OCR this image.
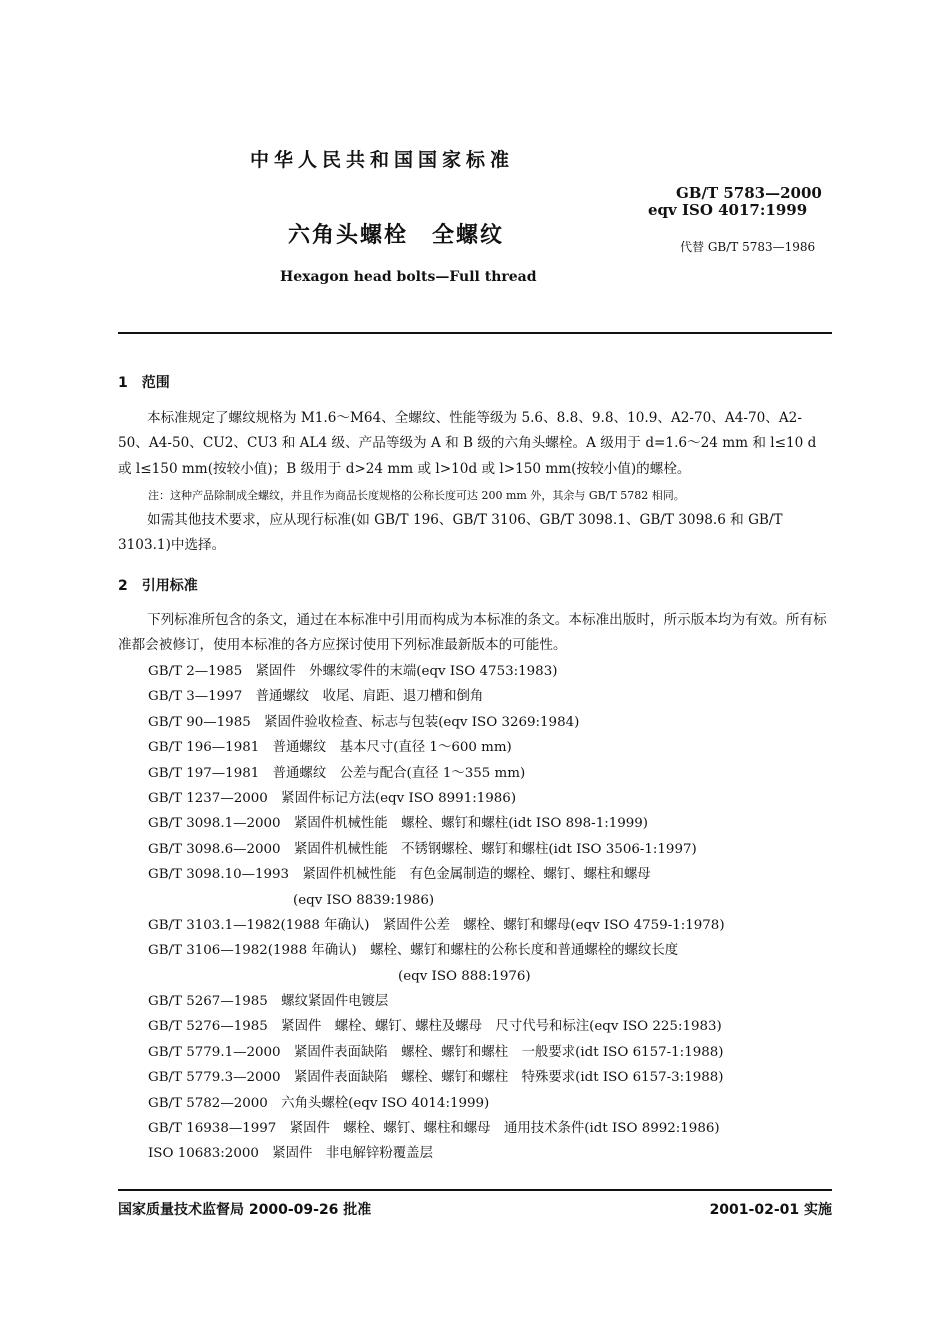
中华人民共和国国家标准
GB/T 5783—2000
eqv ISO 4017:1999
六角头螺栓　全螺纹	代替 GB/T 5783—1986
Hexagon head bolts—Full thread
1　范围
本标准规定了螺纹规格为 M1.6～M64、全螺纹、性能等级为 5.6、8.8、9.8、10.9、A2-70、A4-70、A2-50、A4-50、CU2、CU3 和 AL4 级、产品等级为 A 和 B 级的六角头螺栓。A 级用于 d=1.6～24 mm 和 l≤10 d 或 l≤150 mm(按较小值)；B 级用于 d>24 mm 或 l>10d 或 l>150 mm(按较小值)的螺栓。
注：这种产品除制成全螺纹，并且作为商品长度规格的公称长度可达 200 mm 外，其余与 GB/T 5782 相同。
如需其他技术要求，应从现行标准(如 GB/T 196、GB/T 3106、GB/T 3098.1、GB/T 3098.6 和 GB/T 3103.1)中选择。
2　引用标准
下列标准所包含的条文，通过在本标准中引用而构成为本标准的条文。本标准出版时，所示版本均为有效。所有标准都会被修订，使用本标准的各方应探讨使用下列标准最新版本的可能性。
GB/T 2—1985　紧固件　外螺纹零件的末端(eqv ISO 4753:1983)
GB/T 3—1997　普通螺纹　收尾、肩距、退刀槽和倒角
GB/T 90—1985　紧固件验收检查、标志与包装(eqv ISO 3269:1984)
GB/T 196—1981　普通螺纹　基本尺寸(直径 1～600 mm)
GB/T 197—1981　普通螺纹　公差与配合(直径 1～355 mm)
GB/T 1237—2000　紧固件标记方法(eqv ISO 8991:1986)
GB/T 3098.1—2000　紧固件机械性能　螺栓、螺钉和螺柱(idt ISO 898-1:1999)
GB/T 3098.6—2000　紧固件机械性能　不锈钢螺栓、螺钉和螺柱(idt ISO 3506-1:1997)
GB/T 3098.10—1993　紧固件机械性能　有色金属制造的螺栓、螺钉、螺柱和螺母
(eqv ISO 8839:1986)
GB/T 3103.1—1982(1988 年确认)　紧固件公差　螺栓、螺钉和螺母(eqv ISO 4759-1:1978)
GB/T 3106—1982(1988 年确认)　螺栓、螺钉和螺柱的公称长度和普通螺栓的螺纹长度
(eqv ISO 888:1976)
GB/T 5267—1985　螺纹紧固件电镀层
GB/T 5276—1985　紧固件　螺栓、螺钉、螺柱及螺母　尺寸代号和标注(eqv ISO 225:1983)
GB/T 5779.1—2000　紧固件表面缺陷　螺栓、螺钉和螺柱　一般要求(idt ISO 6157-1:1988)
GB/T 5779.3—2000　紧固件表面缺陷　螺栓、螺钉和螺柱　特殊要求(idt ISO 6157-3:1988)
GB/T 5782—2000　六角头螺栓(eqv ISO 4014:1999)
GB/T 16938—1997　紧固件　螺栓、螺钉、螺柱和螺母　通用技术条件(idt ISO 8992:1986)
ISO 10683:2000　紧固件　非电解锌粉覆盖层
国家质量技术监督局 2000-09-26 批准	2001-02-01 实施
